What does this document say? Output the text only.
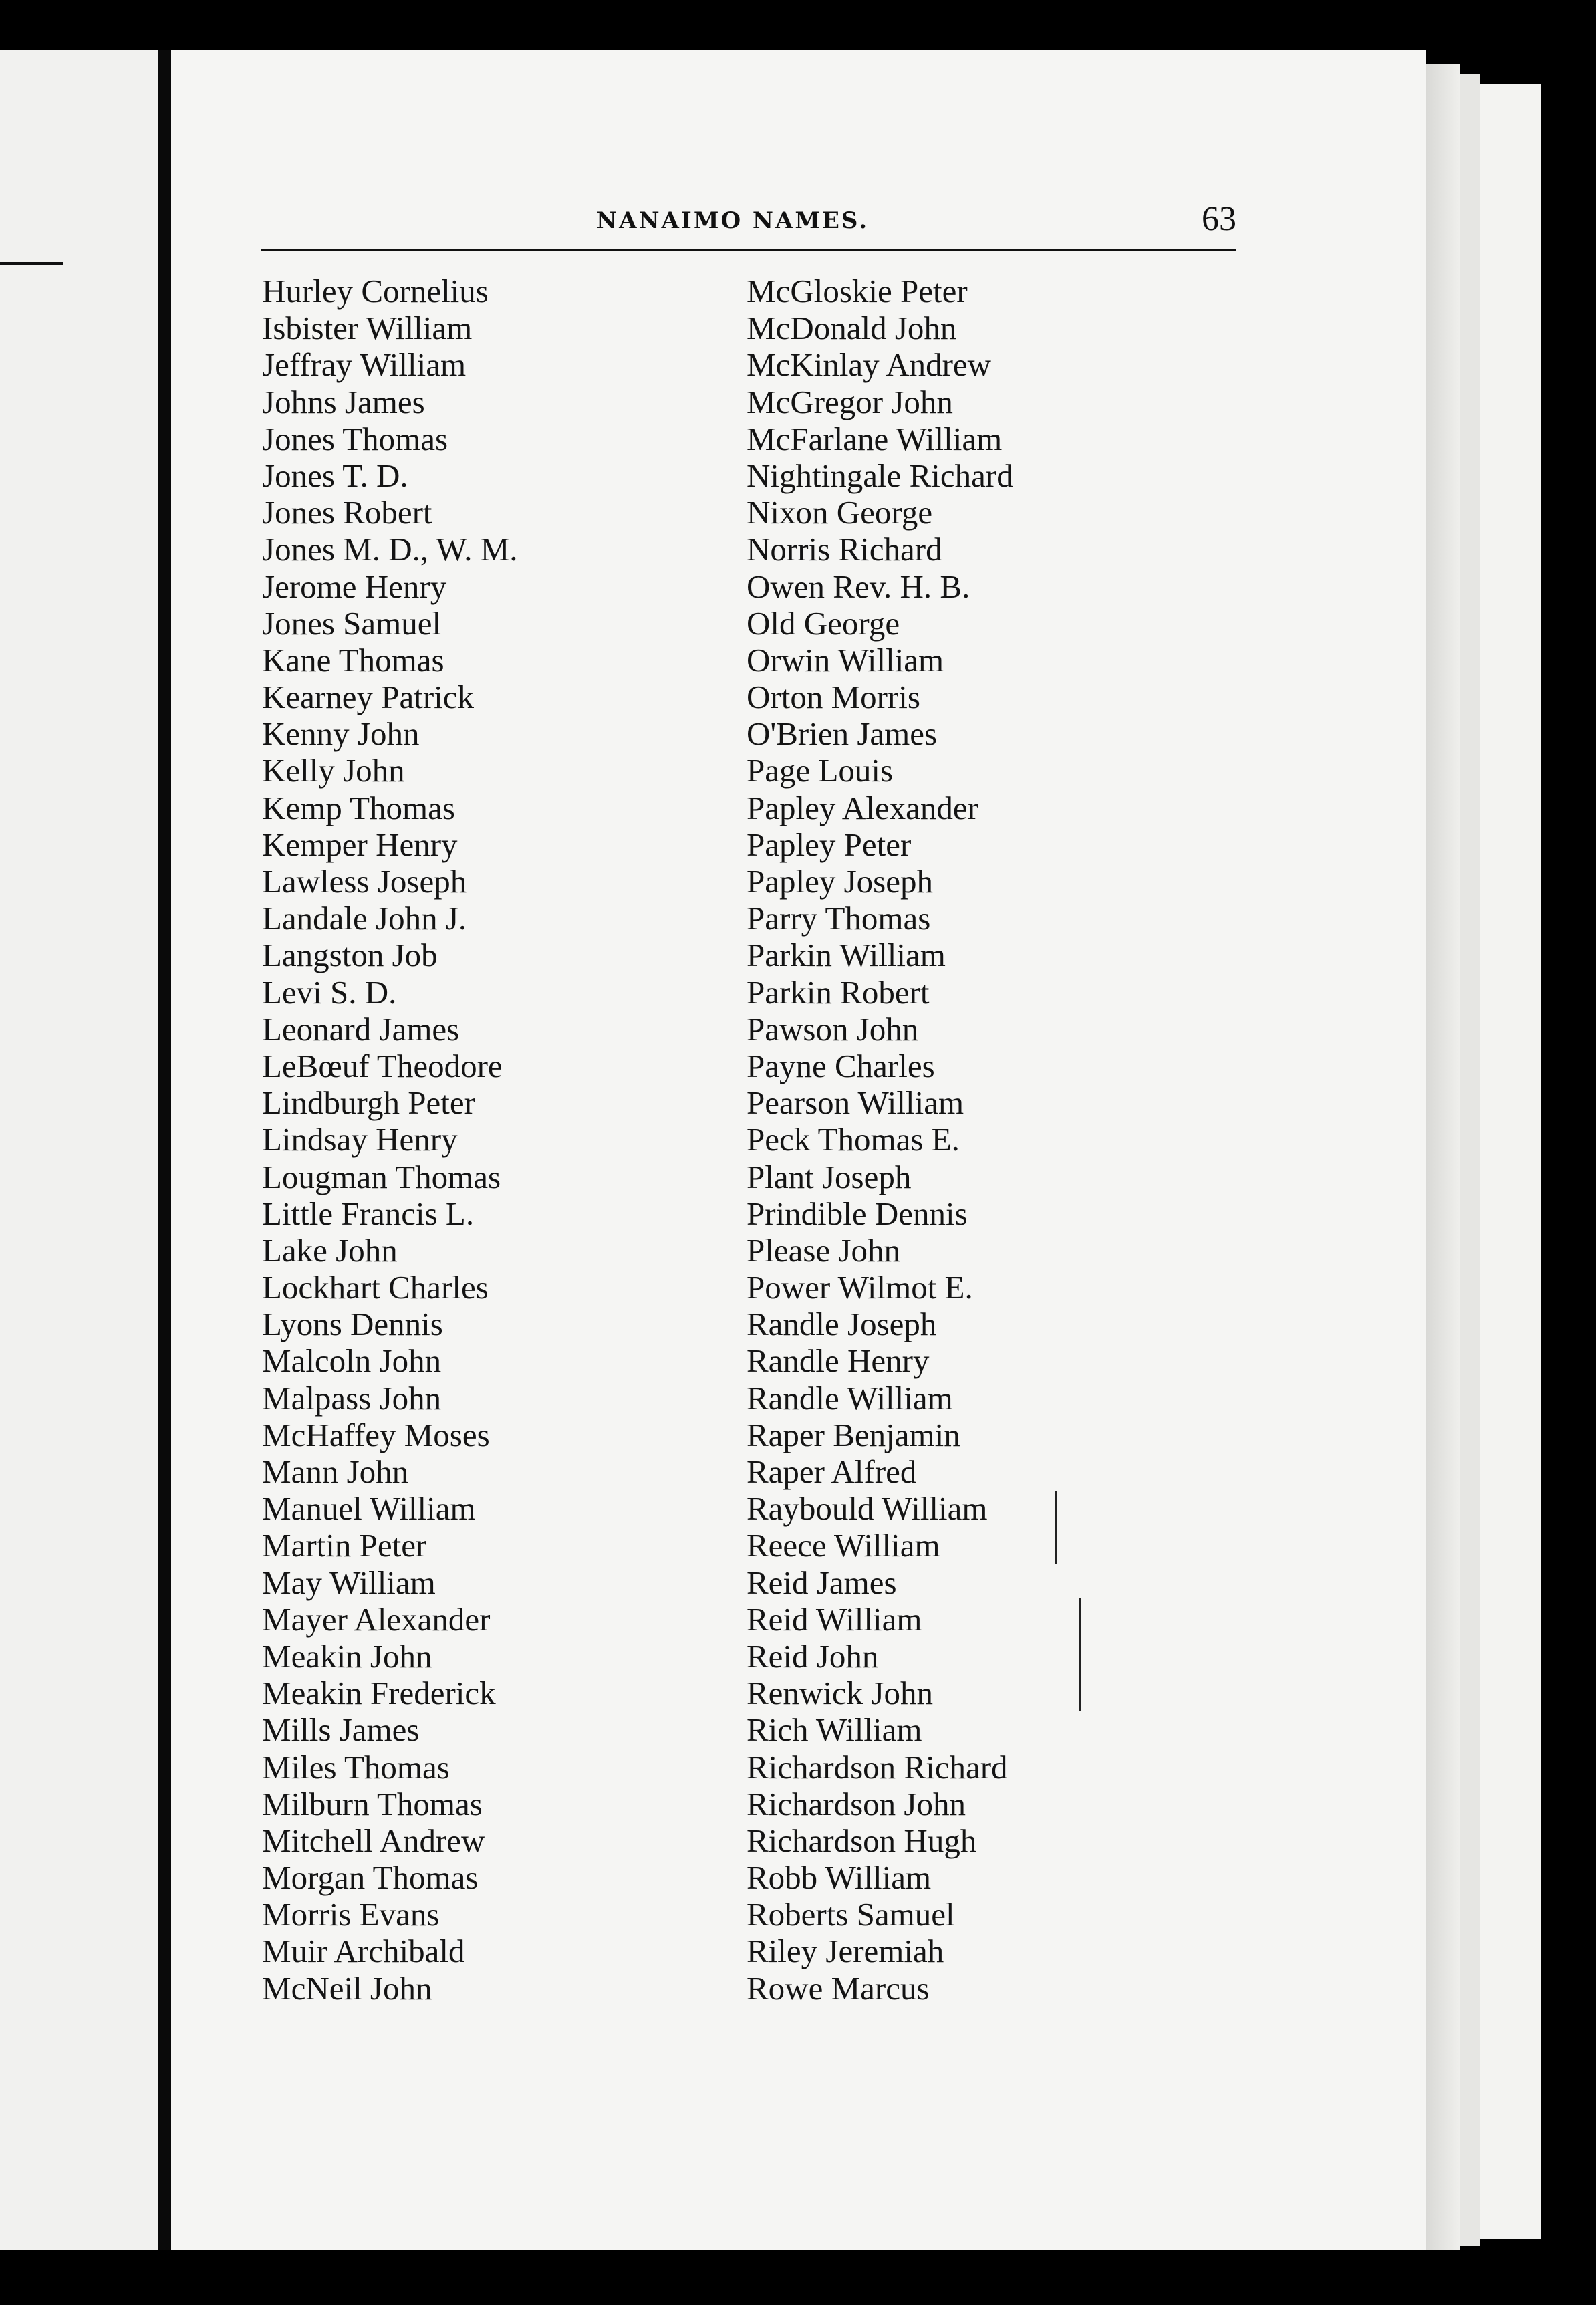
NANAIMO NAMES.	63
Hurley Cornelius
Isbister William
Jeffray William
Johns James
Jones Thomas
Jones T. D.
Jones Robert
Jones M. D., W. M.
Jerome Henry
Jones Samuel
Kane Thomas
Kearney Patrick
Kenny John
Kelly John
Kemp Thomas
Kemper Henry
Lawless Joseph
Landale John J.
Langston Job
Levi S. D.
Leonard James
LeBœuf Theodore
Lindburgh Peter
Lindsay Henry
Lougman Thomas
Little Francis L.
Lake John
Lockhart Charles
Lyons Dennis
Malcoln John
Malpass John
McHaffey Moses
Mann John
Manuel William
Martin Peter
May William
Mayer Alexander
Meakin John
Meakin Frederick
Mills James
Miles Thomas
Milburn Thomas
Mitchell Andrew
Morgan Thomas
Morris Evans
Muir Archibald
McNeil John
McGloskie Peter
McDonald John
McKinlay Andrew
McGregor John
McFarlane William
Nightingale Richard
Nixon George
Norris Richard
Owen Rev. H. B.
Old George
Orwin William
Orton Morris
O'Brien James
Page Louis
Papley Alexander
Papley Peter
Papley Joseph
Parry Thomas
Parkin William
Parkin Robert
Pawson John
Payne Charles
Pearson William
Peck Thomas E.
Plant Joseph
Prindible Dennis
Please John
Power Wilmot E.
Randle Joseph
Randle Henry
Randle William
Raper Benjamin
Raper Alfred
Raybould William
Reece William
Reid James
Reid William
Reid John
Renwick John
Rich William
Richardson Richard
Richardson John
Richardson Hugh
Robb William
Roberts Samuel
Riley Jeremiah
Rowe Marcus
